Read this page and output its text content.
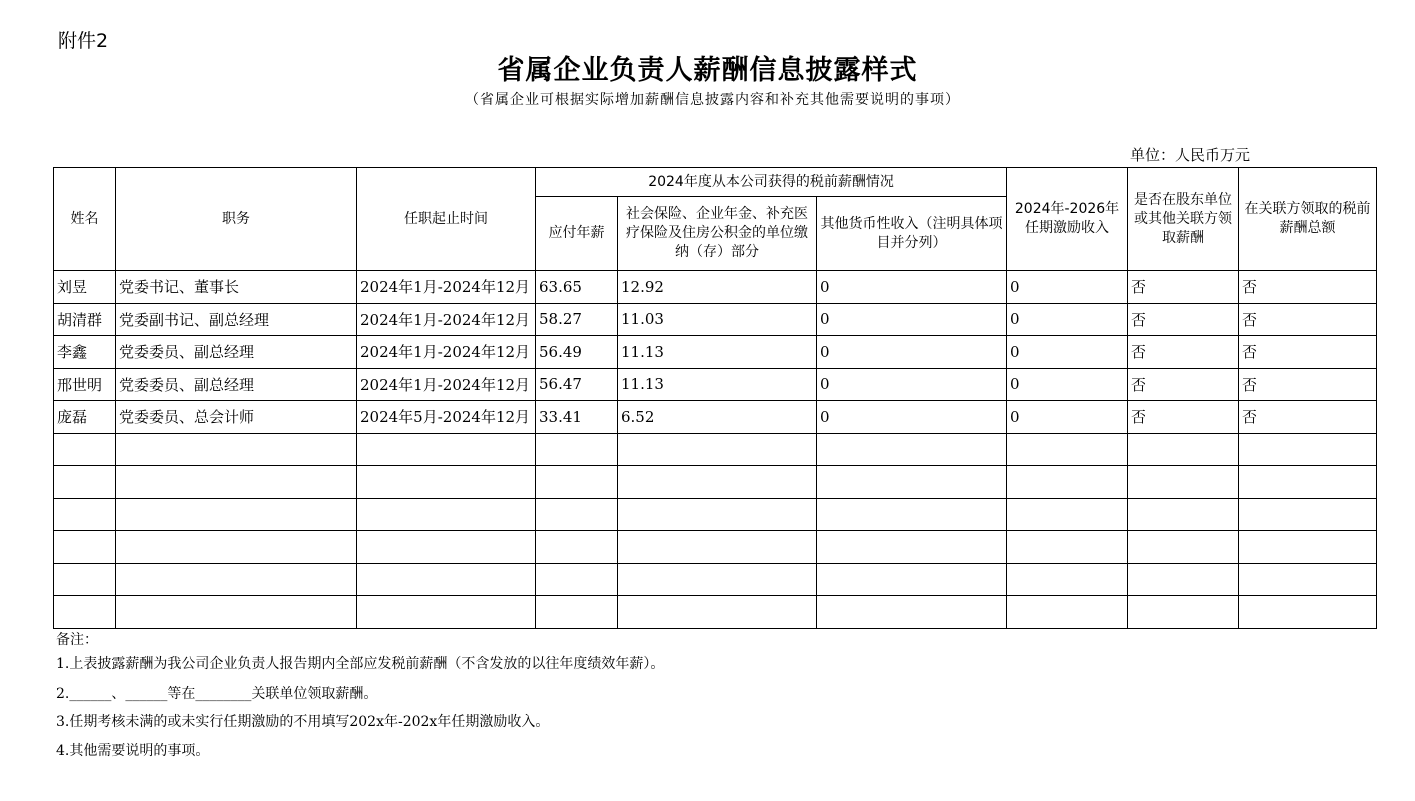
附件2
省属企业负责人薪酬信息披露样式
（省属企业可根据实际增加薪酬信息披露内容和补充其他需要说明的事项）
单位：人民币万元
姓名	职务	任职起止时间	2024年度从本公司获得的税前薪酬情况			2024年-2026年任期激励收入	是否在股东单位或其他关联方领取薪酬	在关联方领取的税前薪酬总额
			应付年薪	社会保险、企业年金、补充医疗保险及住房公积金的单位缴纳（存）部分	其他货币性收入（注明具体项目并分列）			
刘昱	党委书记、董事长	2024年1月-2024年12月	63.65	12.92	0	0	否	否
胡清群	党委副书记、副总经理	2024年1月-2024年12月	58.27	11.03	0	0	否	否
李鑫	党委委员、副总经理	2024年1月-2024年12月	56.49	11.13	0	0	否	否
邢世明	党委委员、副总经理	2024年1月-2024年12月	56.47	11.13	0	0	否	否
庞磊	党委委员、总会计师	2024年5月-2024年12月	33.41	6.52	0	0	否	否

备注：
1.上表披露薪酬为我公司企业负责人报告期内全部应发税前薪酬（不含发放的以往年度绩效年薪）。
2.______、______等在________关联单位领取薪酬。
3.任期考核未满的或未实行任期激励的不用填写202x年-202x年任期激励收入。
4.其他需要说明的事项。
